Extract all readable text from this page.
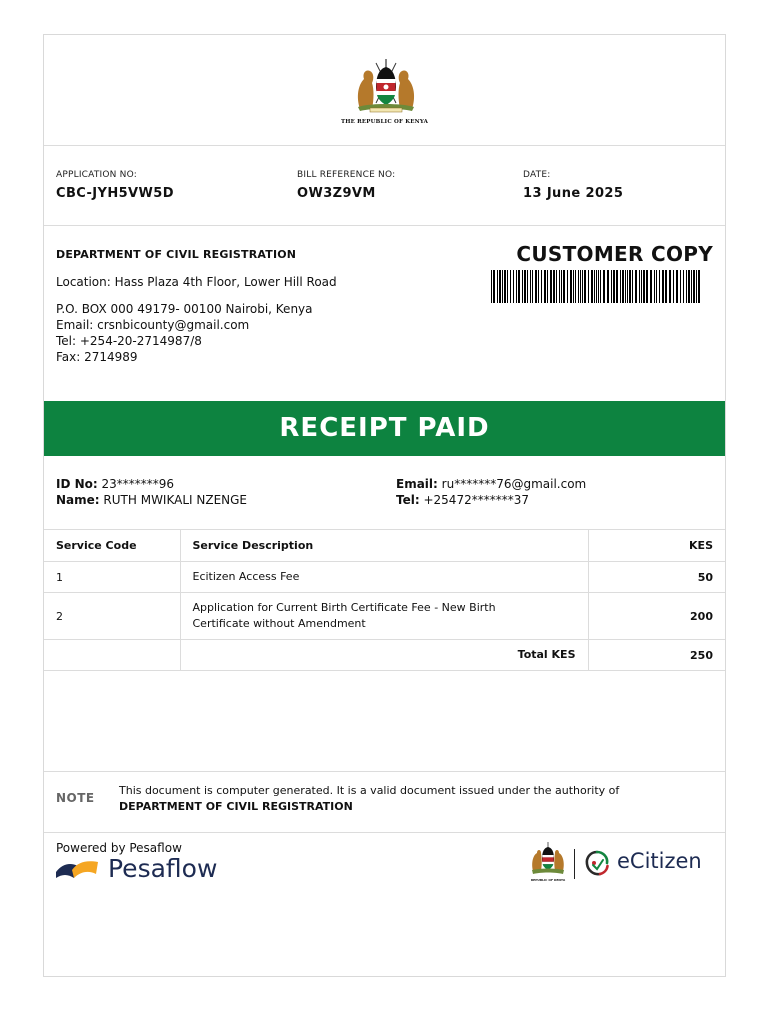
THE REPUBLIC OF KENYA
APPLICATION NO:
CBC-JYH5VW5D
BILL REFERENCE NO:
OW3Z9VM
DATE:
13 June 2025
DEPARTMENT OF CIVIL REGISTRATION
Location: Hass Plaza 4th Floor, Lower Hill Road
P.O. BOX 000 49179- 00100 Nairobi, Kenya
Email: crsnbicounty@gmail.com
Tel: +254-20-2714987/8
Fax: 2714989
CUSTOMER COPY
RECEIPT PAID
ID No: 23*******96
Name: RUTH MWIKALI NZENGE
Email: ru*******76@gmail.com
Tel: +25472*******37
Service Code	Service Description	KES
1	Ecitizen Access Fee	50
2	Application for Current Birth Certificate Fee - New Birth Certificate without Amendment	200
	Total KES	250
NOTE
This document is computer generated. It is a valid document issued under the authority of
DEPARTMENT OF CIVIL REGISTRATION
Powered by Pesaflow
Pesaflow	REPUBLIC OF KENYA
eCitizen
